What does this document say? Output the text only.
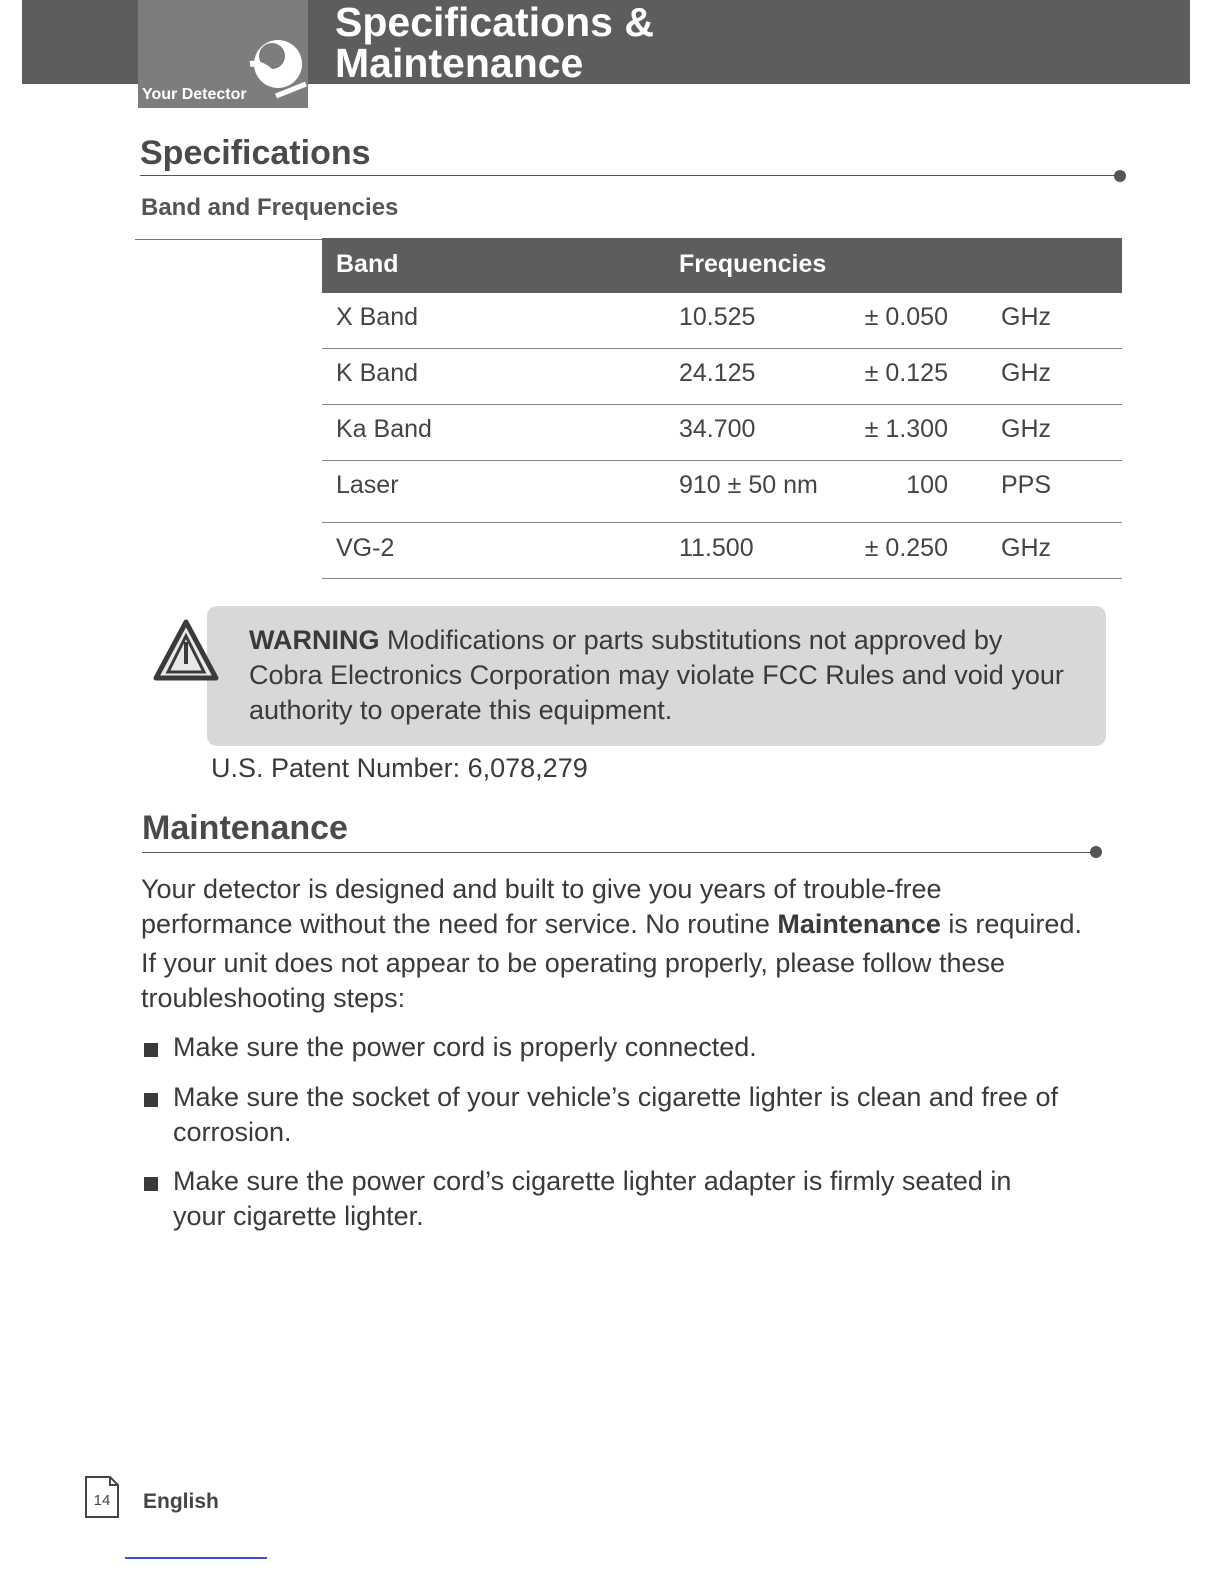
Your Detector
Specifications &
Maintenance
Specifications
Band and Frequencies
Band	Frequencies
X Band	10.525	± 0.050 GHz
K Band	24.125	± 0.125 GHz
Ka Band	34.700	± 1.300 GHz
Laser	910 ± 50 nm	100 PPS
VG-2	11.500	± 0.250 GHz
WARNING Modifications or parts substitutions not approved by Cobra Electronics Corporation may violate FCC Rules and void your authority to operate this equipment.
U.S. Patent Number: 6,078,279
Maintenance
Your detector is designed and built to give you years of trouble-free performance without the need for service. No routine Maintenance is required.
If your unit does not appear to be operating properly, please follow these troubleshooting steps:
Make sure the power cord is properly connected.
Make sure the socket of your vehicle’s cigarette lighter is clean and free of corrosion.
Make sure the power cord’s cigarette lighter adapter is firmly seated in your cigarette lighter.
14	English
